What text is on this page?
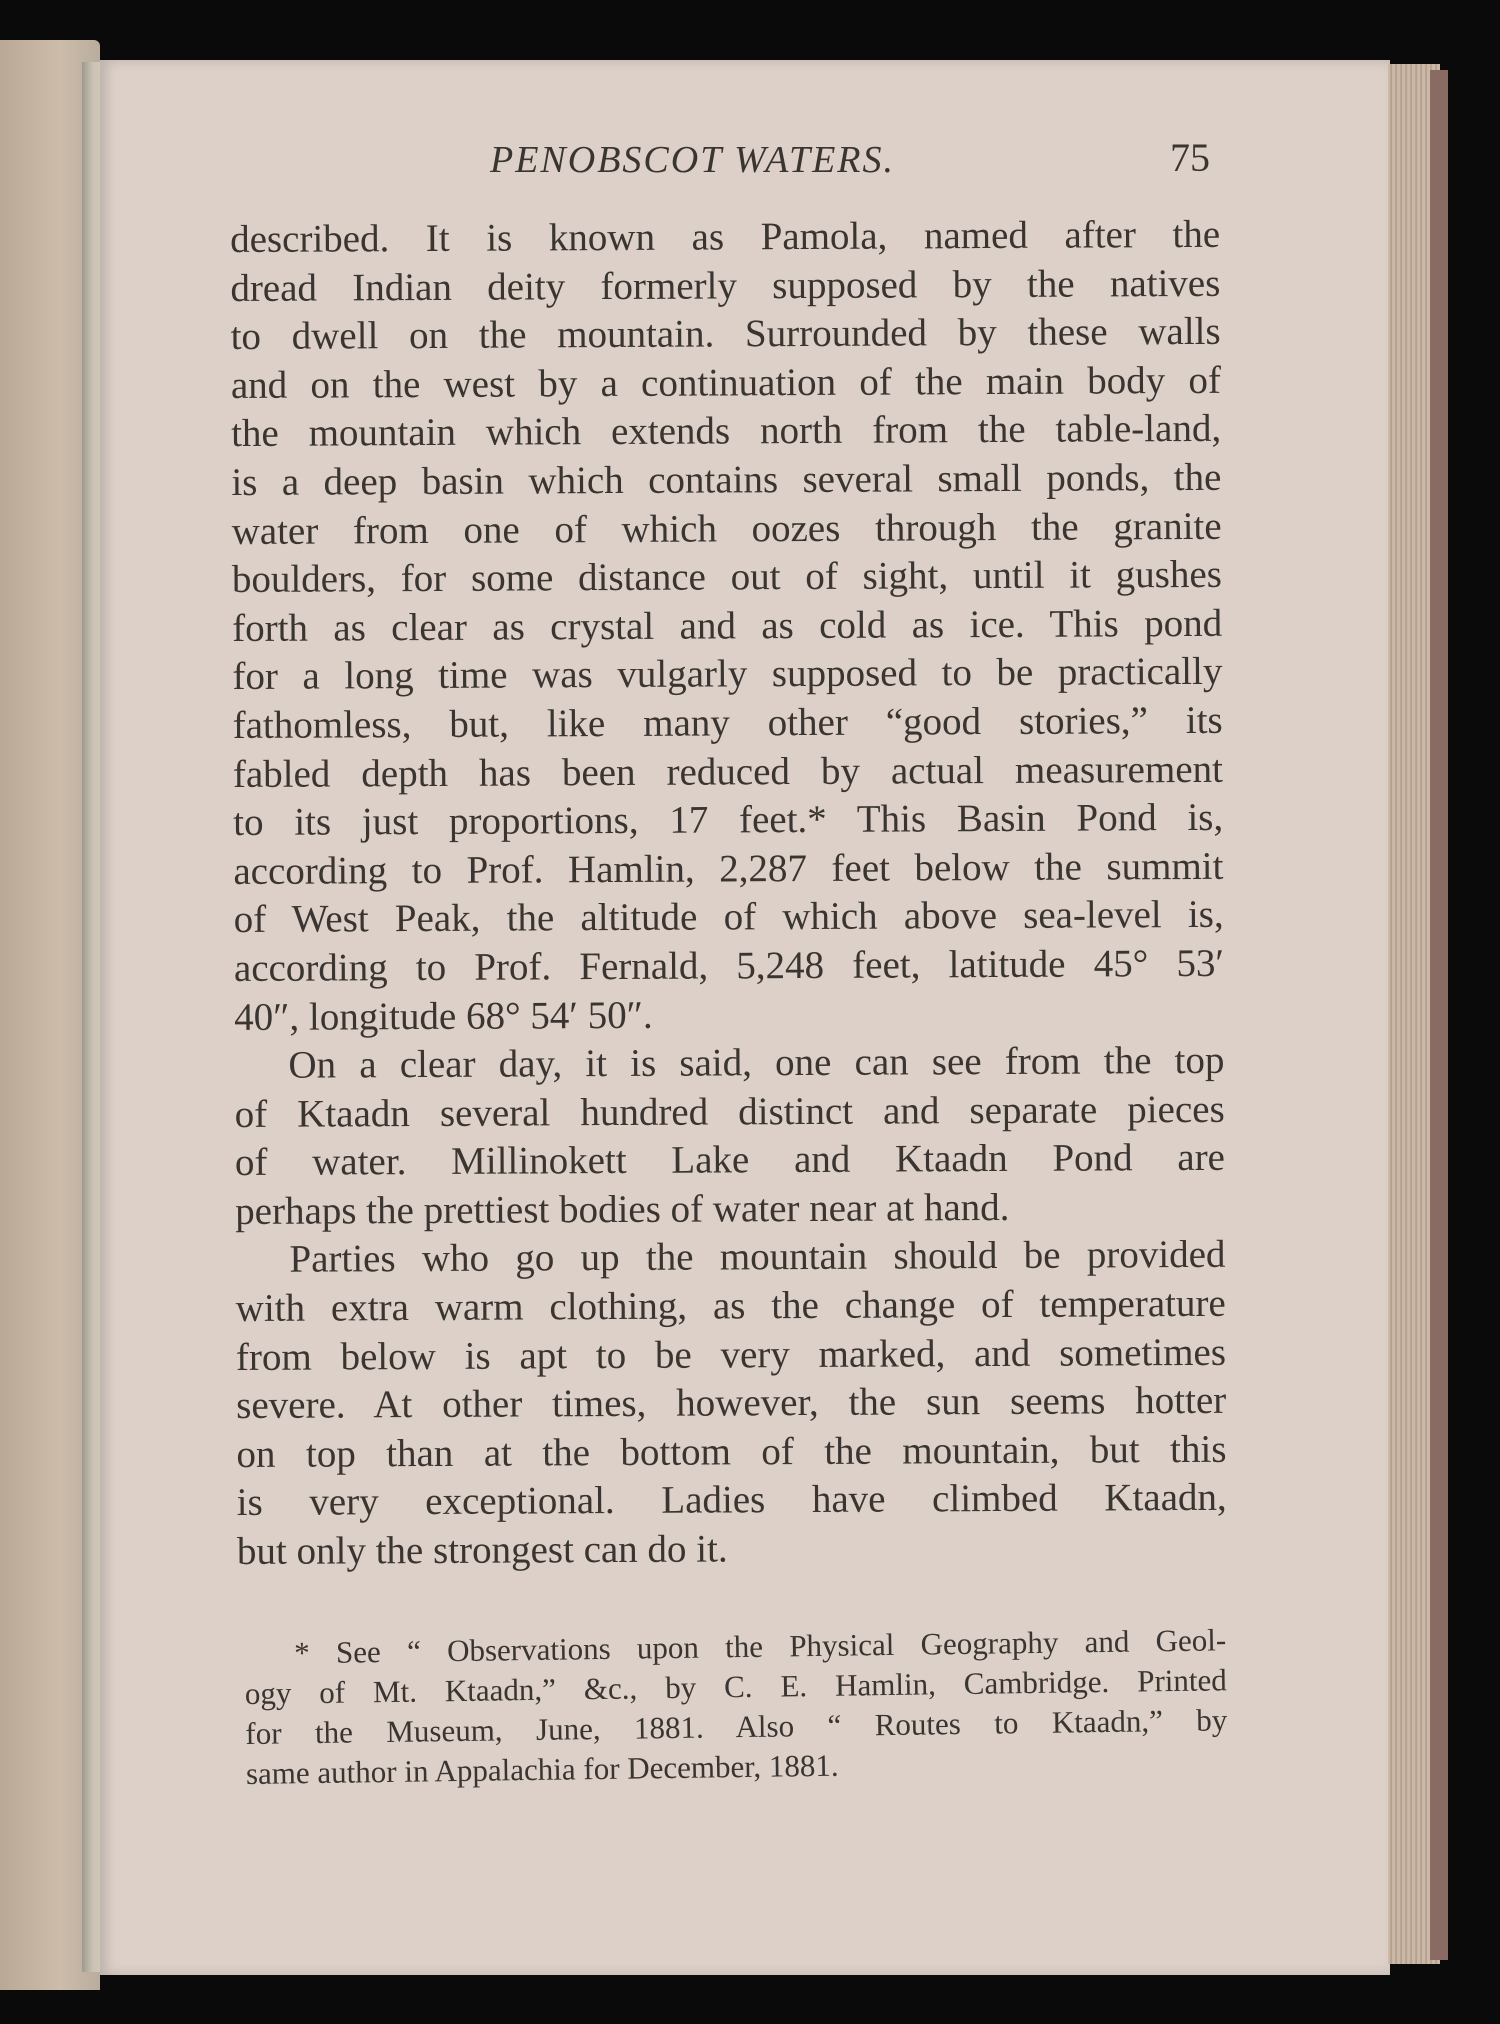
PENOBSCOT WATERS.	75
described. It is known as Pamola, named after the
dread Indian deity formerly supposed by the natives
to dwell on the mountain. Surrounded by these walls
and on the west by a continuation of the main body of
the mountain which extends north from the table-land,
is a deep basin which contains several small ponds, the
water from one of which oozes through the granite
boulders, for some distance out of sight, until it gushes
forth as clear as crystal and as cold as ice. This pond
for a long time was vulgarly supposed to be practically
fathomless, but, like many other “good stories,” its
fabled depth has been reduced by actual measurement
to its just proportions, 17 feet.* This Basin Pond is,
according to Prof. Hamlin, 2,287 feet below the summit
of West Peak, the altitude of which above sea-level is,
according to Prof. Fernald, 5,248 feet, latitude 45° 53′
40″, longitude 68° 54′ 50″.
On a clear day, it is said, one can see from the top
of Ktaadn several hundred distinct and separate pieces
of water. Millinokett Lake and Ktaadn Pond are
perhaps the prettiest bodies of water near at hand.
Parties who go up the mountain should be provided
with extra warm clothing, as the change of temperature
from below is apt to be very marked, and sometimes
severe. At other times, however, the sun seems hotter
on top than at the bottom of the mountain, but this
is very exceptional. Ladies have climbed Ktaadn,
but only the strongest can do it.
* See “ Observations upon the Physical Geography and Geol-
ogy of Mt. Ktaadn,” &c., by C. E. Hamlin, Cambridge. Printed
for the Museum, June, 1881. Also “ Routes to Ktaadn,” by
same author in Appalachia for December, 1881.
